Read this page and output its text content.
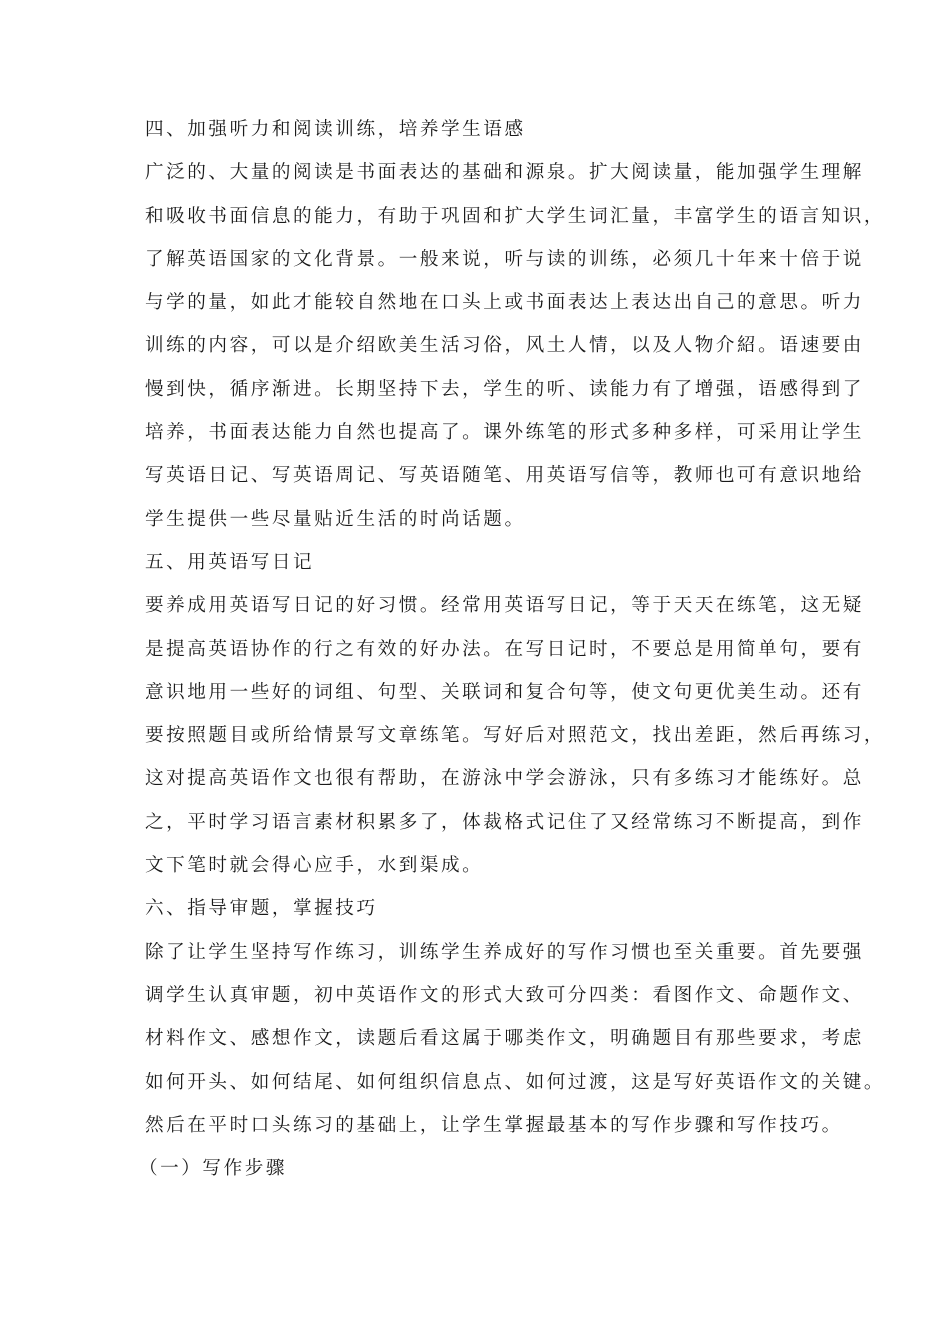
四、加强听力和阅读训练，培养学生语感
广泛的、大量的阅读是书面表达的基础和源泉。扩大阅读量，能加强学生理解
和吸收书面信息的能力，有助于巩固和扩大学生词汇量，丰富学生的语言知识，
了解英语国家的文化背景。一般来说，听与读的训练，必须几十年来十倍于说
与学的量，如此才能较自然地在口头上或书面表达上表达出自己的意思。听力
训练的内容，可以是介绍欧美生活习俗，风土人情，以及人物介紹。语速要由
慢到快，循序渐进。长期坚持下去，学生的听、读能力有了增强，语感得到了
培养，书面表达能力自然也提高了。课外练笔的形式多种多样，可采用让学生
写英语日记、写英语周记、写英语随笔、用英语写信等，教师也可有意识地给
学生提供一些尽量贴近生活的时尚话题。
五、用英语写日记
要养成用英语写日记的好习惯。经常用英语写日记，等于天天在练笔，这无疑
是提高英语协作的行之有效的好办法。在写日记时，不要总是用简单句，要有
意识地用一些好的词组、句型、关联词和复合句等，使文句更优美生动。还有
要按照题目或所给情景写文章练笔。写好后对照范文，找出差距，然后再练习，
这对提高英语作文也很有帮助，在游泳中学会游泳，只有多练习才能练好。总
之，平时学习语言素材积累多了，体裁格式记住了又经常练习不断提高，到作
文下笔时就会得心应手，水到渠成。
六、指导审题，掌握技巧
除了让学生坚持写作练习，训练学生养成好的写作习惯也至关重要。首先要强
调学生认真审题，初中英语作文的形式大致可分四类：看图作文、命题作文、
材料作文、感想作文，读题后看这属于哪类作文，明确题目有那些要求，考虑
如何开头、如何结尾、如何组织信息点、如何过渡，这是写好英语作文的关键。
然后在平时口头练习的基础上，让学生掌握最基本的写作步骤和写作技巧。
（一）写作步骤
